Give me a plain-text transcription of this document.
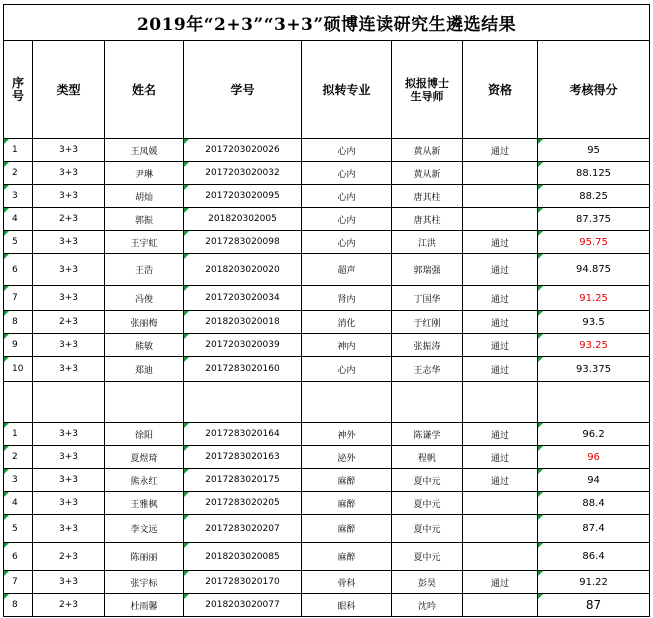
2019年“2+3”“3+3”硕博连读研究生遴选结果							
序号	类型	姓名	学号	拟转专业	拟报博士生导师	资格	考核得分
1	3+3	王凤媛	2017203020026	心内	黄从新	通过	95
2	3+3	尹琳	2017203020032	心内	黄从新		88.125
3	3+3	胡灿	2017203020095	心内	唐其柱		88.25
4	2+3	郭振	201820302005	心内	唐其柱		87.375
5	3+3	王宇虹	2017283020098	心内	江洪	通过	95.75
6	3+3	王浩	2018203020020	超声	郭瑞强	通过	94.875
7	3+3	冯俊	2017203020034	肾内	丁国华	通过	91.25
8	2+3	张丽梅	2018203020018	消化	于红刚	通过	93.5
9	3+3	熊敏	2017203020039	神内	张振涛	通过	93.25
10	3+3	郑迪	2017283020160	心内	王志华	通过	93.375

1	3+3	徐阳	2017283020164	神外	陈谦学	通过	96.2
2	3+3	夏煜琦	2017283020163	泌外	程帆	通过	96
3	3+3	熊永红	2017283020175	麻醉	夏中元	通过	94
4	3+3	王雅枫	2017283020205	麻醉	夏中元		88.4
5	3+3	李文远	2017283020207	麻醉	夏中元		87.4
6	2+3	陈丽丽	2018203020085	麻醉	夏中元		86.4
7	3+3	张宇标	2017283020170	骨科	彭昊	通过	91.22
8	2+3	杜雨馨	2018203020077	眼科	沈吟		87
